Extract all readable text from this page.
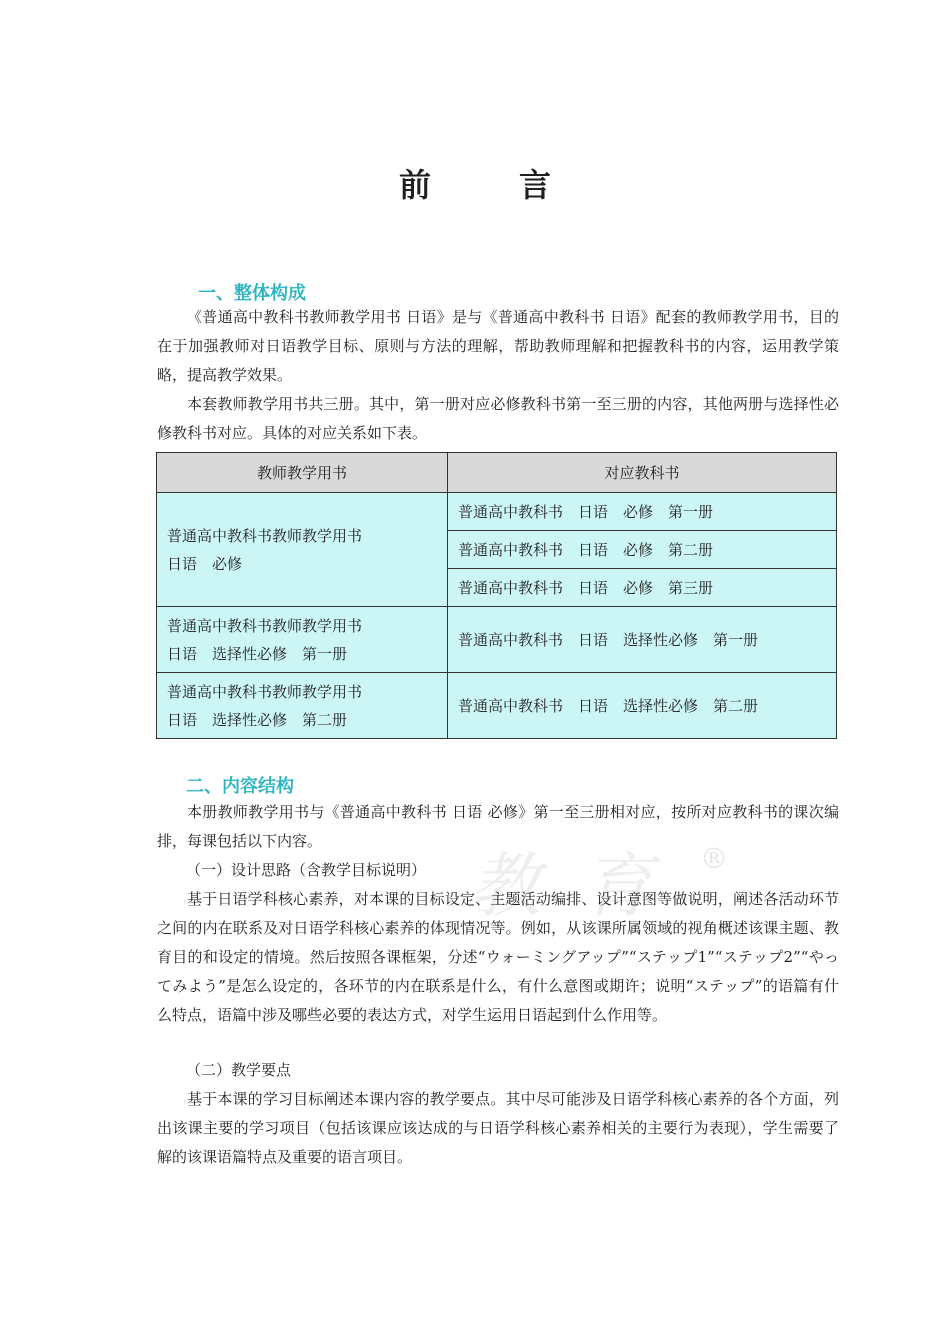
教 育 ®
前　言
一、整体构成

《普通高中教科书教师教学用书 日语》是与《普通高中教科书 日语》配套的教师教学用书，目的在于加强教师对日语教学目标、原则与方法的理解，帮助教师理解和把握教科书的内容，运用教学策略，提高教学效果。

本套教师教学用书共三册。其中，第一册对应必修教科书第一至三册的内容，其他两册与选择性必修教科书对应。具体的对应关系如下表。

教师教学用书	对应教科书

普通高中教科书教师教学用书
日语　必修	普通高中教科书　日语　必修　第一册
	普通高中教科书　日语　必修　第二册
	普通高中教科书　日语　必修　第三册

普通高中教科书教师教学用书
日语　选择性必修　第一册	普通高中教科书　日语　选择性必修　第一册

普通高中教科书教师教学用书
日语　选择性必修　第二册	普通高中教科书　日语　选择性必修　第二册
二、内容结构

本册教师教学用书与《普通高中教科书 日语 必修》第一至三册相对应，按所对应教科书的课次编排，每课包括以下内容。

（一）设计思路（含教学目标说明）

基于日语学科核心素养，对本课的目标设定、主题活动编排、设计意图等做说明，阐述各活动环节之间的内在联系及对日语学科核心素养的体现情况等。例如，从该课所属领域的视角概述该课主题、教育目的和设定的情境。然后按照各课框架，分述“ウォーミングアップ”“ステップ1”“ステップ2”“やってみよう”是怎么设定的，各环节的内在联系是什么，有什么意图或期许；说明“ステップ”的语篇有什么特点，语篇中涉及哪些必要的表达方式，对学生运用日语起到什么作用等。

（二）教学要点

基于本课的学习目标阐述本课内容的教学要点。其中尽可能涉及日语学科核心素养的各个方面，列出该课主要的学习项目（包括该课应该达成的与日语学科核心素养相关的主要行为表现），学生需要了解的该课语篇特点及重要的语言项目。
